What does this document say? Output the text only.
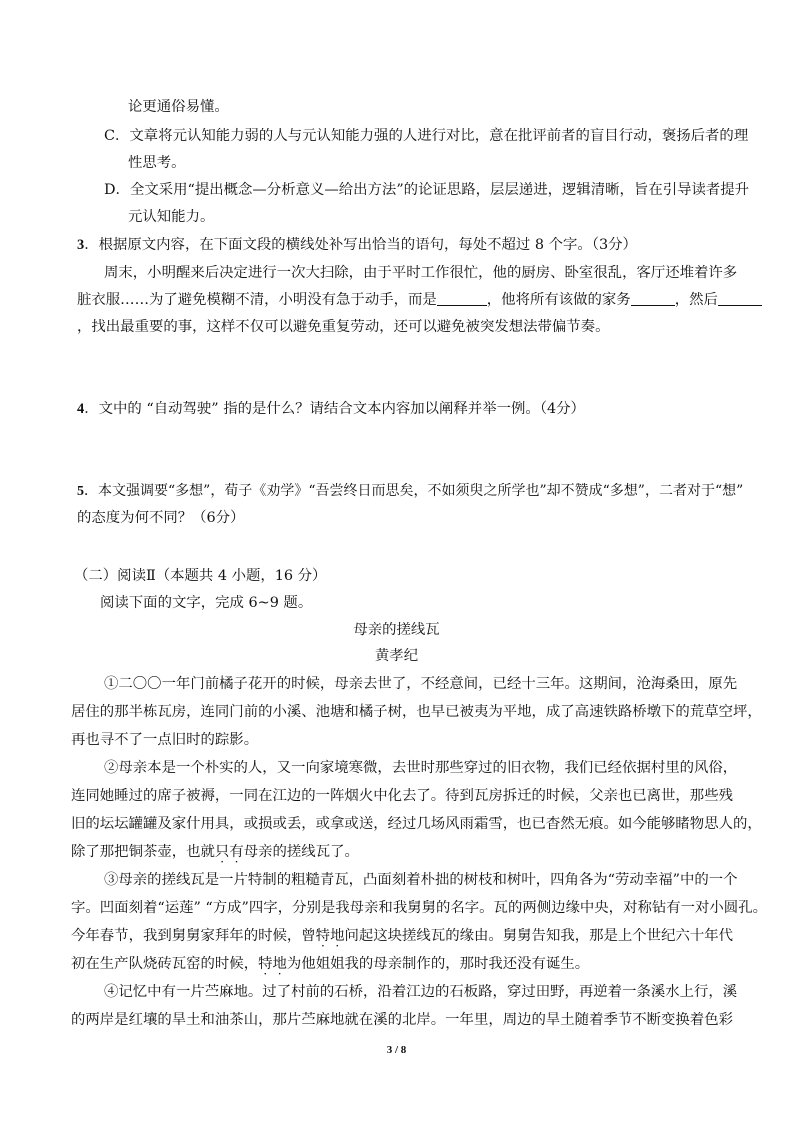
论更通俗易懂。
C．文章将元认知能力弱的人与元认知能力强的人进行对比，意在批评前者的盲目行动，褒扬后者的理
性思考。
D．全文采用“提出概念—分析意义—给出方法”的论证思路，层层递进，逻辑清晰，旨在引导读者提升
元认知能力。
3．根据原文内容，在下面文段的横线处补写出恰当的语句，每处不超过 8 个字。（3分）
周末，小明醒来后决定进行一次大扫除，由于平时工作很忙，他的厨房、卧室很乱，客厅还堆着许多
脏衣服……为了避免模糊不清，小明没有急于动手，而是	，他将所有该做的家务	，然后
，找出最重要的事，这样不仅可以避免重复劳动，还可以避免被突发想法带偏节奏。
4．文中的 “自动驾驶” 指的是什么？请结合文本内容加以阐释并举一例。（4分）
5．本文强调要“多想”，荀子《劝学》“吾尝终日而思矣，不如须臾之所学也”却不赞成“多想”，二者对于“想”
的态度为何不同？（6分）
（二）阅读Ⅱ（本题共 4 小题，16 分）
阅读下面的文字，完成 6~9 题。
母亲的搓线瓦
黄孝纪
①二〇〇一年门前橘子花开的时候，母亲去世了，不经意间，已经十三年。这期间，沧海桑田，原先
居住的那半栋瓦房，连同门前的小溪、池塘和橘子树，也早已被夷为平地，成了高速铁路桥墩下的荒草空坪，
再也寻不了一点旧时的踪影。
②母亲本是一个朴实的人，又一向家境寒微，去世时那些穿过的旧衣物，我们已经依据村里的风俗，
连同她睡过的席子被褥，一同在江边的一阵烟火中化去了。待到瓦房拆迁的时候，父亲也已离世，那些残
旧的坛坛罐罐及家什用具，或损或丢，或拿或送，经过几场风雨霜雪，也已杳然无痕。如今能够睹物思人的，
除了那把铜茶壶，也就只有母亲的搓线瓦了。
③母亲的搓线瓦是一片特制的粗糙青瓦，凸面刻着朴拙的树枝和树叶，四角各为“劳动幸福”中的一个
字。凹面刻着“运莲” “方成”四字，分别是我母亲和我舅舅的名字。瓦的两侧边缘中央，对称钻有一对小圆孔。
今年春节，我到舅舅家拜年的时候，曾特地问起这块搓线瓦的缘由。舅舅告知我，那是上个世纪六十年代
初在生产队烧砖瓦窑的时候，特地为他姐姐我的母亲制作的，那时我还没有诞生。
④记忆中有一片苎麻地。过了村前的石桥，沿着江边的石板路，穿过田野，再逆着一条溪水上行，溪
的两岸是红壤的旱土和油茶山，那片苎麻地就在溪的北岸。一年里，周边的旱土随着季节不断变换着色彩
3 / 8
